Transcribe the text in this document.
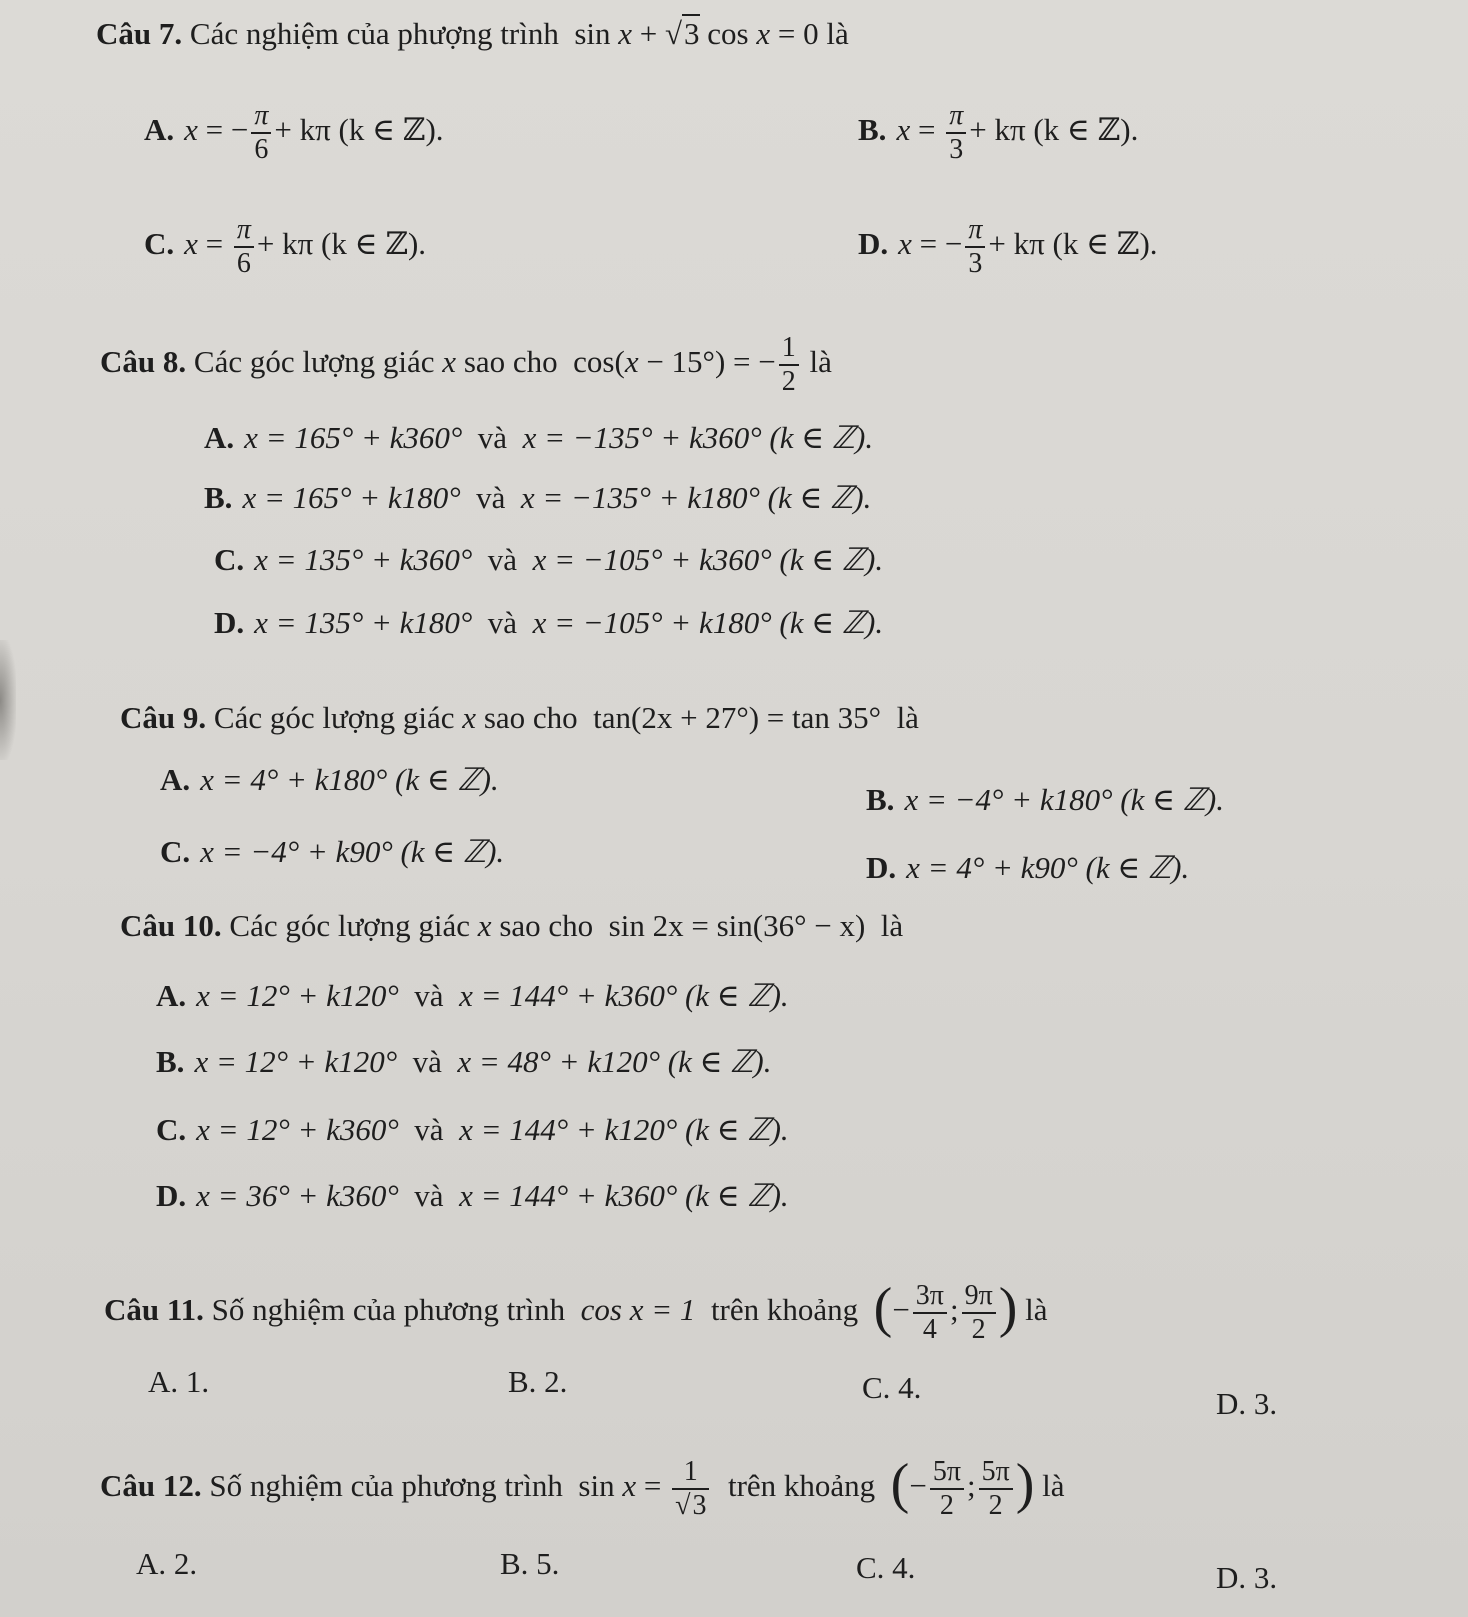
Câu 7. Các nghiệm của phượng trình sin x + √3 cos x = 0 là
A. x = − $\frac{\pi}{6} + k\pi$ (k ∈ ℤ).	B. $x = \frac{\pi}{3} + k\pi$ (k ∈ ℤ).
C. $x = \frac{\pi}{6} + k\pi$ (k ∈ ℤ).	D. x = − $\frac{\pi}{3} + k\pi$ (k ∈ ℤ).
Câu 8. Các góc lượng giác x sao cho cos(x − 15°) = − $\frac{1}{2}$ là
A. x = 165° + k360° và x = −135° + k360° (k ∈ ℤ).
B. x = 165° + k180° và x = −135° + k180° (k ∈ ℤ).
C. x = 135° + k360° và x = −105° + k360° (k ∈ ℤ).
D. x = 135° + k180° và x = −105° + k180° (k ∈ ℤ).
Câu 9. Các góc lượng giác x sao cho tan(2x + 27°) = tan 35° là
A. x = 4° + k180° (k ∈ ℤ).
B. x = −4° + k180° (k ∈ ℤ).
C. x = −4° + k90° (k ∈ ℤ).	D. x = 4° + k90° (k ∈ ℤ).
Câu 10. Các góc lượng giác x sao cho sin 2x = sin(36° − x) là
A. x = 12° + k120° và x = 144° + k360° (k ∈ ℤ).
B. x = 12° + k120° và x = 48° + k120° (k ∈ ℤ).
C. x = 12° + k360° và x = 144° + k120° (k ∈ ℤ).
D. x = 36° + k360° và x = 144° + k360° (k ∈ ℤ).
Câu 11. Số nghiệm của phương trình cos x = 1 trên khoảng (− $\frac{3\pi}{4}$ ; $\frac{9\pi}{2}$ ) là
A. 1.	B. 2.	C. 4.	D. 3.
Câu 12. Số nghiệm của phương trình $\sin x = \frac{1}{√3}$ trên khoảng (− $\frac{5\pi}{2}$ ; $\frac{5\pi}{2}$ ) là
A. 2.	B. 5.	C. 4.	D. 3.
